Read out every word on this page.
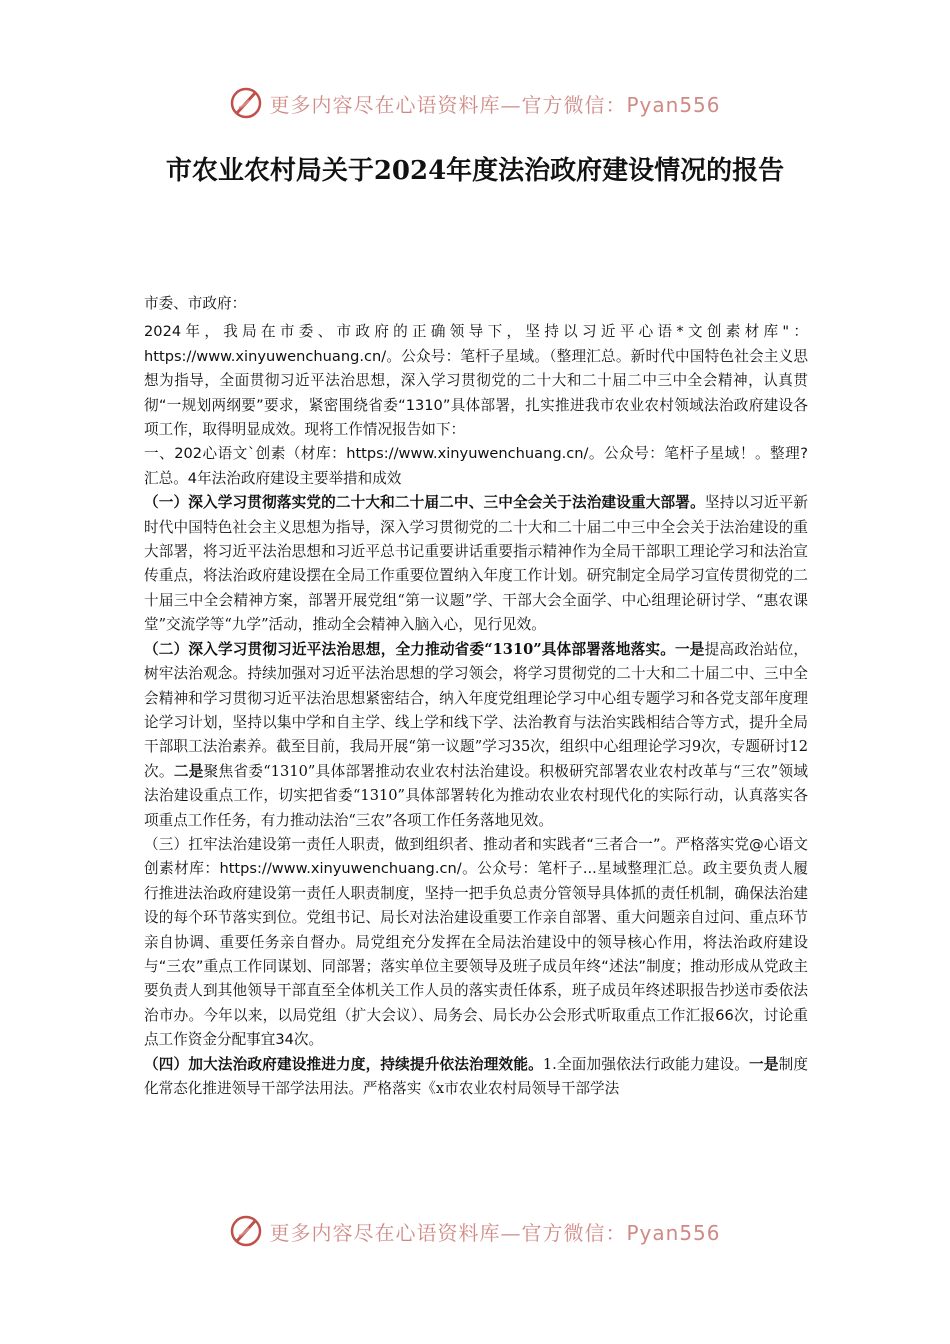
更多内容尽在心语资料库—官方微信：Pyan556
市农业农村局关于2024年度法治政府建设情况的报告

市委、市政府：

2024年，我局在市委、市政府的正确领导下，坚持以习近平心语*文创素材库"：https://www.xinyuwenchuang.cn/。公众号：笔杆子星域。（整理汇总。新时代中国特色社会主义思想为指导，全面贯彻习近平法治思想，深入学习贯彻党的二十大和二十届二中三中全会精神，认真贯彻“一规划两纲要”要求，紧密围绕省委“1310”具体部署，扎实推进我市农业农村领域法治政府建设各项工作，取得明显成效。现将工作情况报告如下：

一、202心语文`创素（材库：https://www.xinyuwenchuang.cn/。公众号：笔杆子星域！。整理?汇总。4年法治政府建设主要举措和成效

（一）深入学习贯彻落实党的二十大和二十届二中、三中全会关于法治建设重大部署。坚持以习近平新时代中国特色社会主义思想为指导，深入学习贯彻党的二十大和二十届二中三中全会关于法治建设的重大部署，将习近平法治思想和习近平总书记重要讲话重要指示精神作为全局干部职工理论学习和法治宣传重点，将法治政府建设摆在全局工作重要位置纳入年度工作计划。研究制定全局学习宣传贯彻党的二十届三中全会精神方案，部署开展党组“第一议题”学、干部大会全面学、中心组理论研讨学、“惠农课堂”交流学等“九学”活动，推动全会精神入脑入心，见行见效。

（二）深入学习贯彻习近平法治思想，全力推动省委“1310”具体部署落地落实。一是提高政治站位，树牢法治观念。持续加强对习近平法治思想的学习领会，将学习贯彻党的二十大和二十届二中、三中全会精神和学习贯彻习近平法治思想紧密结合，纳入年度党组理论学习中心组专题学习和各党支部年度理论学习计划，坚持以集中学和自主学、线上学和线下学、法治教育与法治实践相结合等方式，提升全局干部职工法治素养。截至目前，我局开展“第一议题”学习35次，组织中心组理论学习9次，专题研讨12次。二是聚焦省委“1310”具体部署推动农业农村法治建设。积极研究部署农业农村改革与“三农”领域法治建设重点工作，切实把省委“1310”具体部署转化为推动农业农村现代化的实际行动，认真落实各项重点工作任务，有力推动法治“三农”各项工作任务落地见效。

（三）扛牢法治建设第一责任人职责，做到组织者、推动者和实践者“三者合一”。严格落实党@心语文创素材库：https://www.xinyuwenchuang.cn/。公众号：笔杆子...星域整理汇总。政主要负责人履行推进法治政府建设第一责任人职责制度，坚持一把手负总责分管领导具体抓的责任机制，确保法治建设的每个环节落实到位。党组书记、局长对法治建设重要工作亲自部署、重大问题亲自过问、重点环节亲自协调、重要任务亲自督办。局党组充分发挥在全局法治建设中的领导核心作用，将法治政府建设与“三农”重点工作同谋划、同部署；落实单位主要领导及班子成员年终“述法”制度；推动形成从党政主要负责人到其他领导干部直至全体机关工作人员的落实责任体系，班子成员年终述职报告抄送市委依法治市办。今年以来，以局党组（扩大会议）、局务会、局长办公会形式听取重点工作汇报66次，讨论重点工作资金分配事宜34次。

（四）加大法治政府建设推进力度，持续提升依法治理效能。1.全面加强依法行政能力建设。一是制度化常态化推进领导干部学法用法。严格落实《x市农业农村局领导干部学法

更多内容尽在心语资料库—官方微信：Pyan556
